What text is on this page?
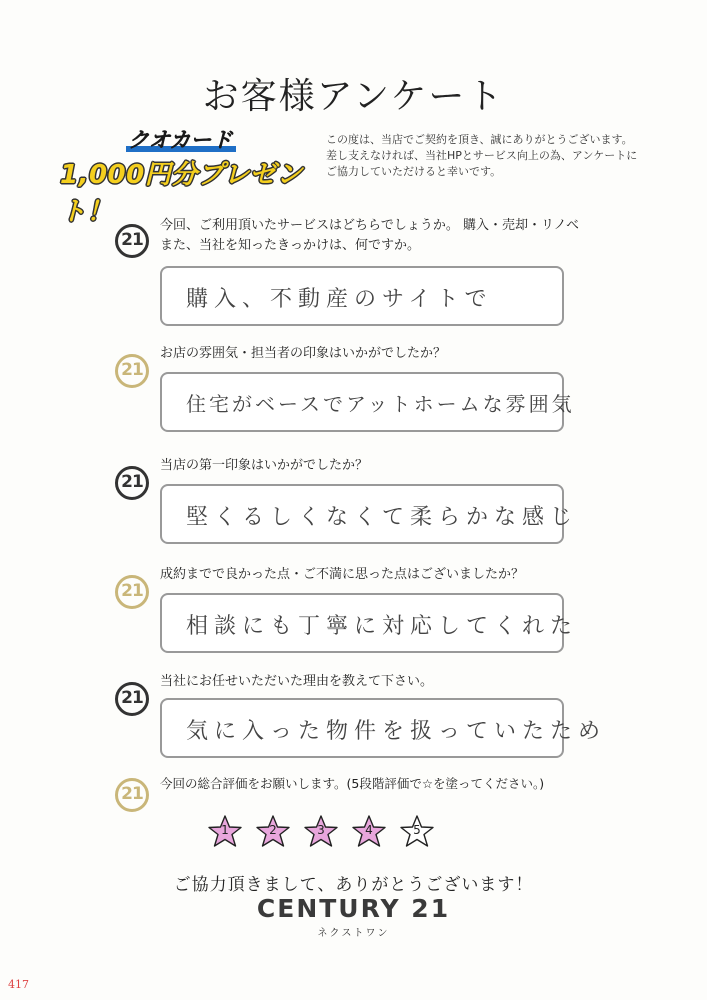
お客様アンケート
クオカード
1,000円分プレゼント！
この度は、当店でご契約を頂き、誠にありがとうございます。
差し支えなければ、当社HPとサービス向上の為、アンケートに
ご協力していただけると幸いです。
21
今回、ご利用頂いたサービスはどちらでしょうか。 購入・売却・リノベ
また、当社を知ったきっかけは、何ですか。
購入、不動産のサイトで
21
お店の雰囲気・担当者の印象はいかがでしたか？
住宅がベースでアットホームな雰囲気
21
当店の第一印象はいかがでしたか？
堅くるしくなくて柔らかな感じ
21
成約までで良かった点・ご不満に思った点はございましたか？
相談にも丁寧に対応してくれた
21
当社にお任せいただいた理由を教えて下さい。
気に入った物件を扱っていたため
21
今回の総合評価をお願いします。(5段階評価で☆を塗ってください。)
1	2	3	4	5
ご協力頂きまして、ありがとうございます！
CENTURY 21
ネクストワン
417
